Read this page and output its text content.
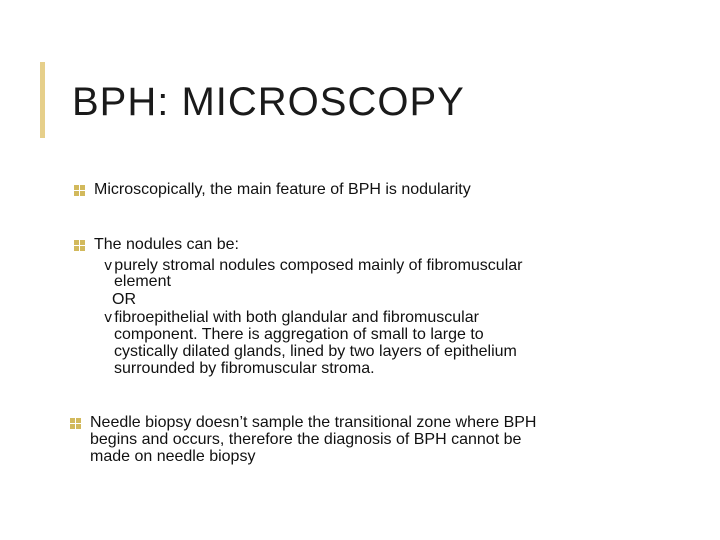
BPH: MICROSCOPY
Microscopically, the main feature of BPH is nodularity
The nodules can be:
v purely stromal nodules composed mainly of fibromuscular
element
OR
v fibroepithelial with both glandular and fibromuscular
component. There is aggregation of small to large to
cystically dilated glands, lined by two layers of epithelium
surrounded by fibromuscular stroma.
Needle biopsy doesn’t sample the transitional zone where BPH
begins and occurs, therefore the diagnosis of BPH cannot be
made on needle biopsy
